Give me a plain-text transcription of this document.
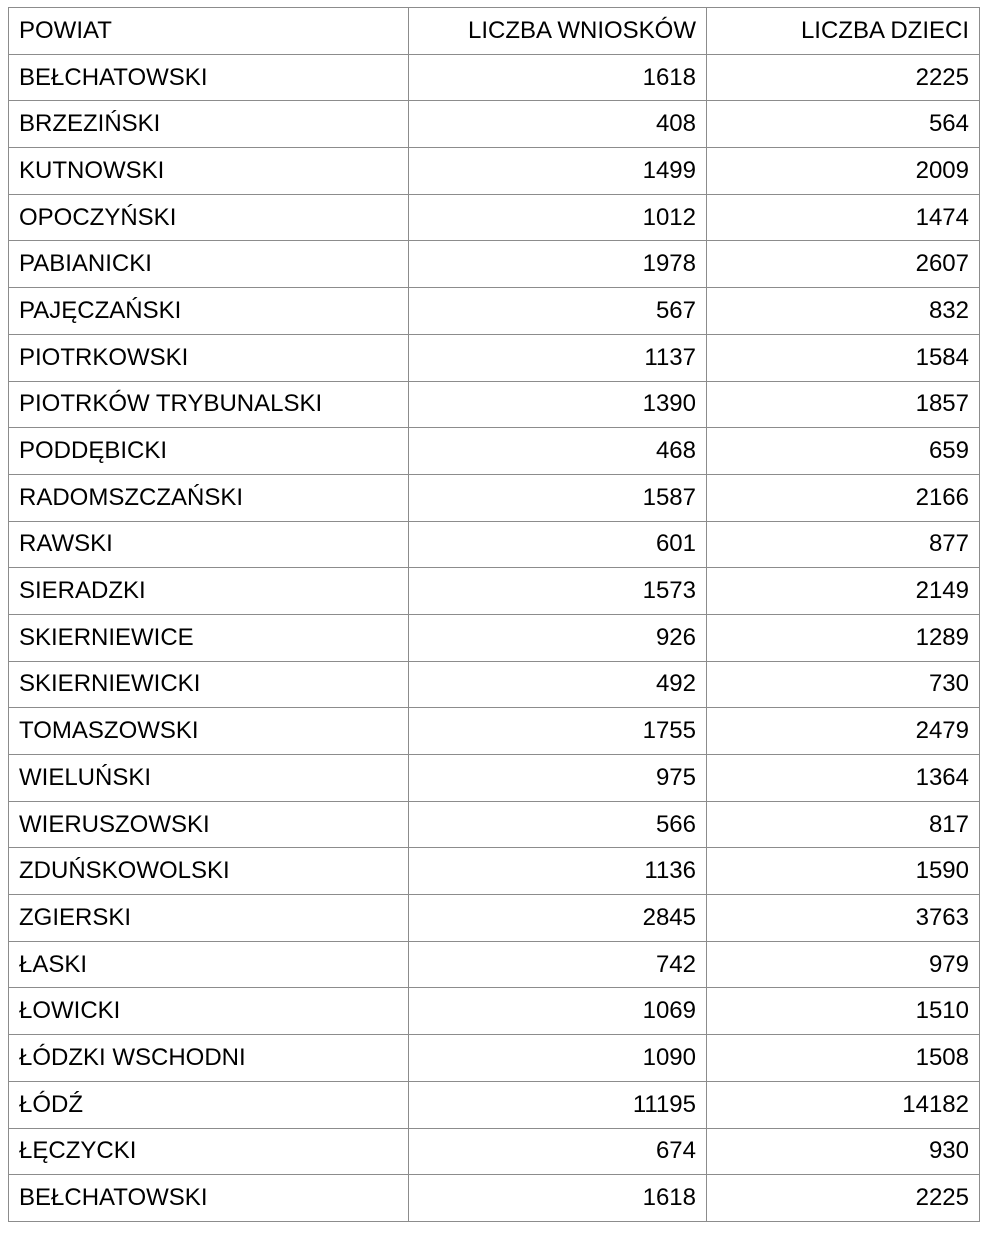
POWIAT	LICZBA WNIOSKÓW	LICZBA DZIECI
BEŁCHATOWSKI	1618	2225
BRZEZIŃSKI	408	564
KUTNOWSKI	1499	2009
OPOCZYŃSKI	1012	1474
PABIANICKI	1978	2607
PAJĘCZAŃSKI	567	832
PIOTRKOWSKI	1137	1584
PIOTRKÓW TRYBUNALSKI	1390	1857
PODDĘBICKI	468	659
RADOMSZCZAŃSKI	1587	2166
RAWSKI	601	877
SIERADZKI	1573	2149
SKIERNIEWICE	926	1289
SKIERNIEWICKI	492	730
TOMASZOWSKI	1755	2479
WIELUŃSKI	975	1364
WIERUSZOWSKI	566	817
ZDUŃSKOWOLSKI	1136	1590
ZGIERSKI	2845	3763
ŁASKI	742	979
ŁOWICKI	1069	1510
ŁÓDZKI WSCHODNI	1090	1508
ŁÓDŹ	11195	14182
ŁĘCZYCKI	674	930
BEŁCHATOWSKI	1618	2225
